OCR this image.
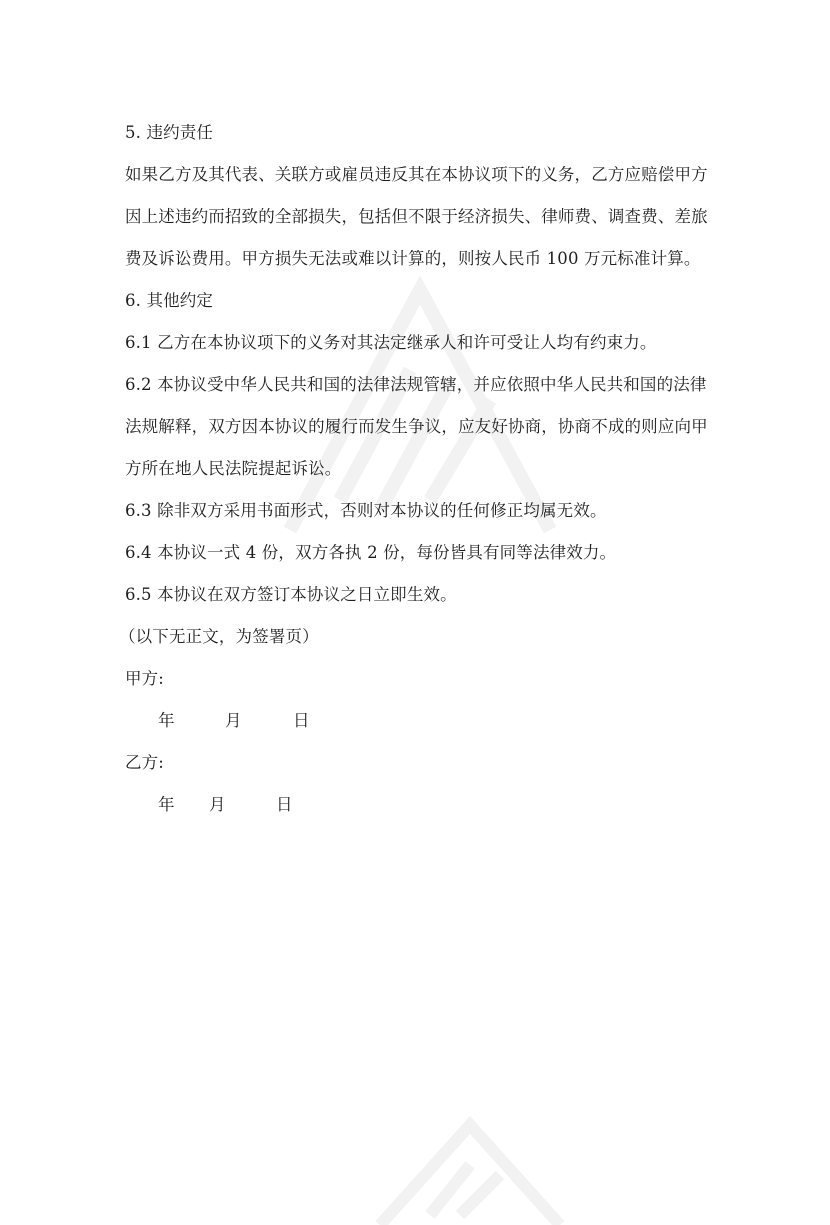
5. 违约责任
如果乙方及其代表、关联方或雇员违反其在本协议项下的义务，乙方应赔偿甲方
因上述违约而招致的全部损失，包括但不限于经济损失、律师费、调查费、差旅
费及诉讼费用。甲方损失无法或难以计算的，则按人民币 100 万元标准计算。
6. 其他约定
6.1 乙方在本协议项下的义务对其法定继承人和许可受让人均有约束力。
6.2 本协议受中华人民共和国的法律法规管辖，并应依照中华人民共和国的法律
法规解释，双方因本协议的履行而发生争议，应友好协商，协商不成的则应向甲
方所在地人民法院提起诉讼。
6.3 除非双方采用书面形式，否则对本协议的任何修正均属无效。
6.4 本协议一式 4 份，双方各执 2 份，每份皆具有同等法律效力。
6.5 本协议在双方签订本协议之日立即生效。
（以下无正文，为签署页）
甲方:
年	月	日
乙方:
年 月	日
